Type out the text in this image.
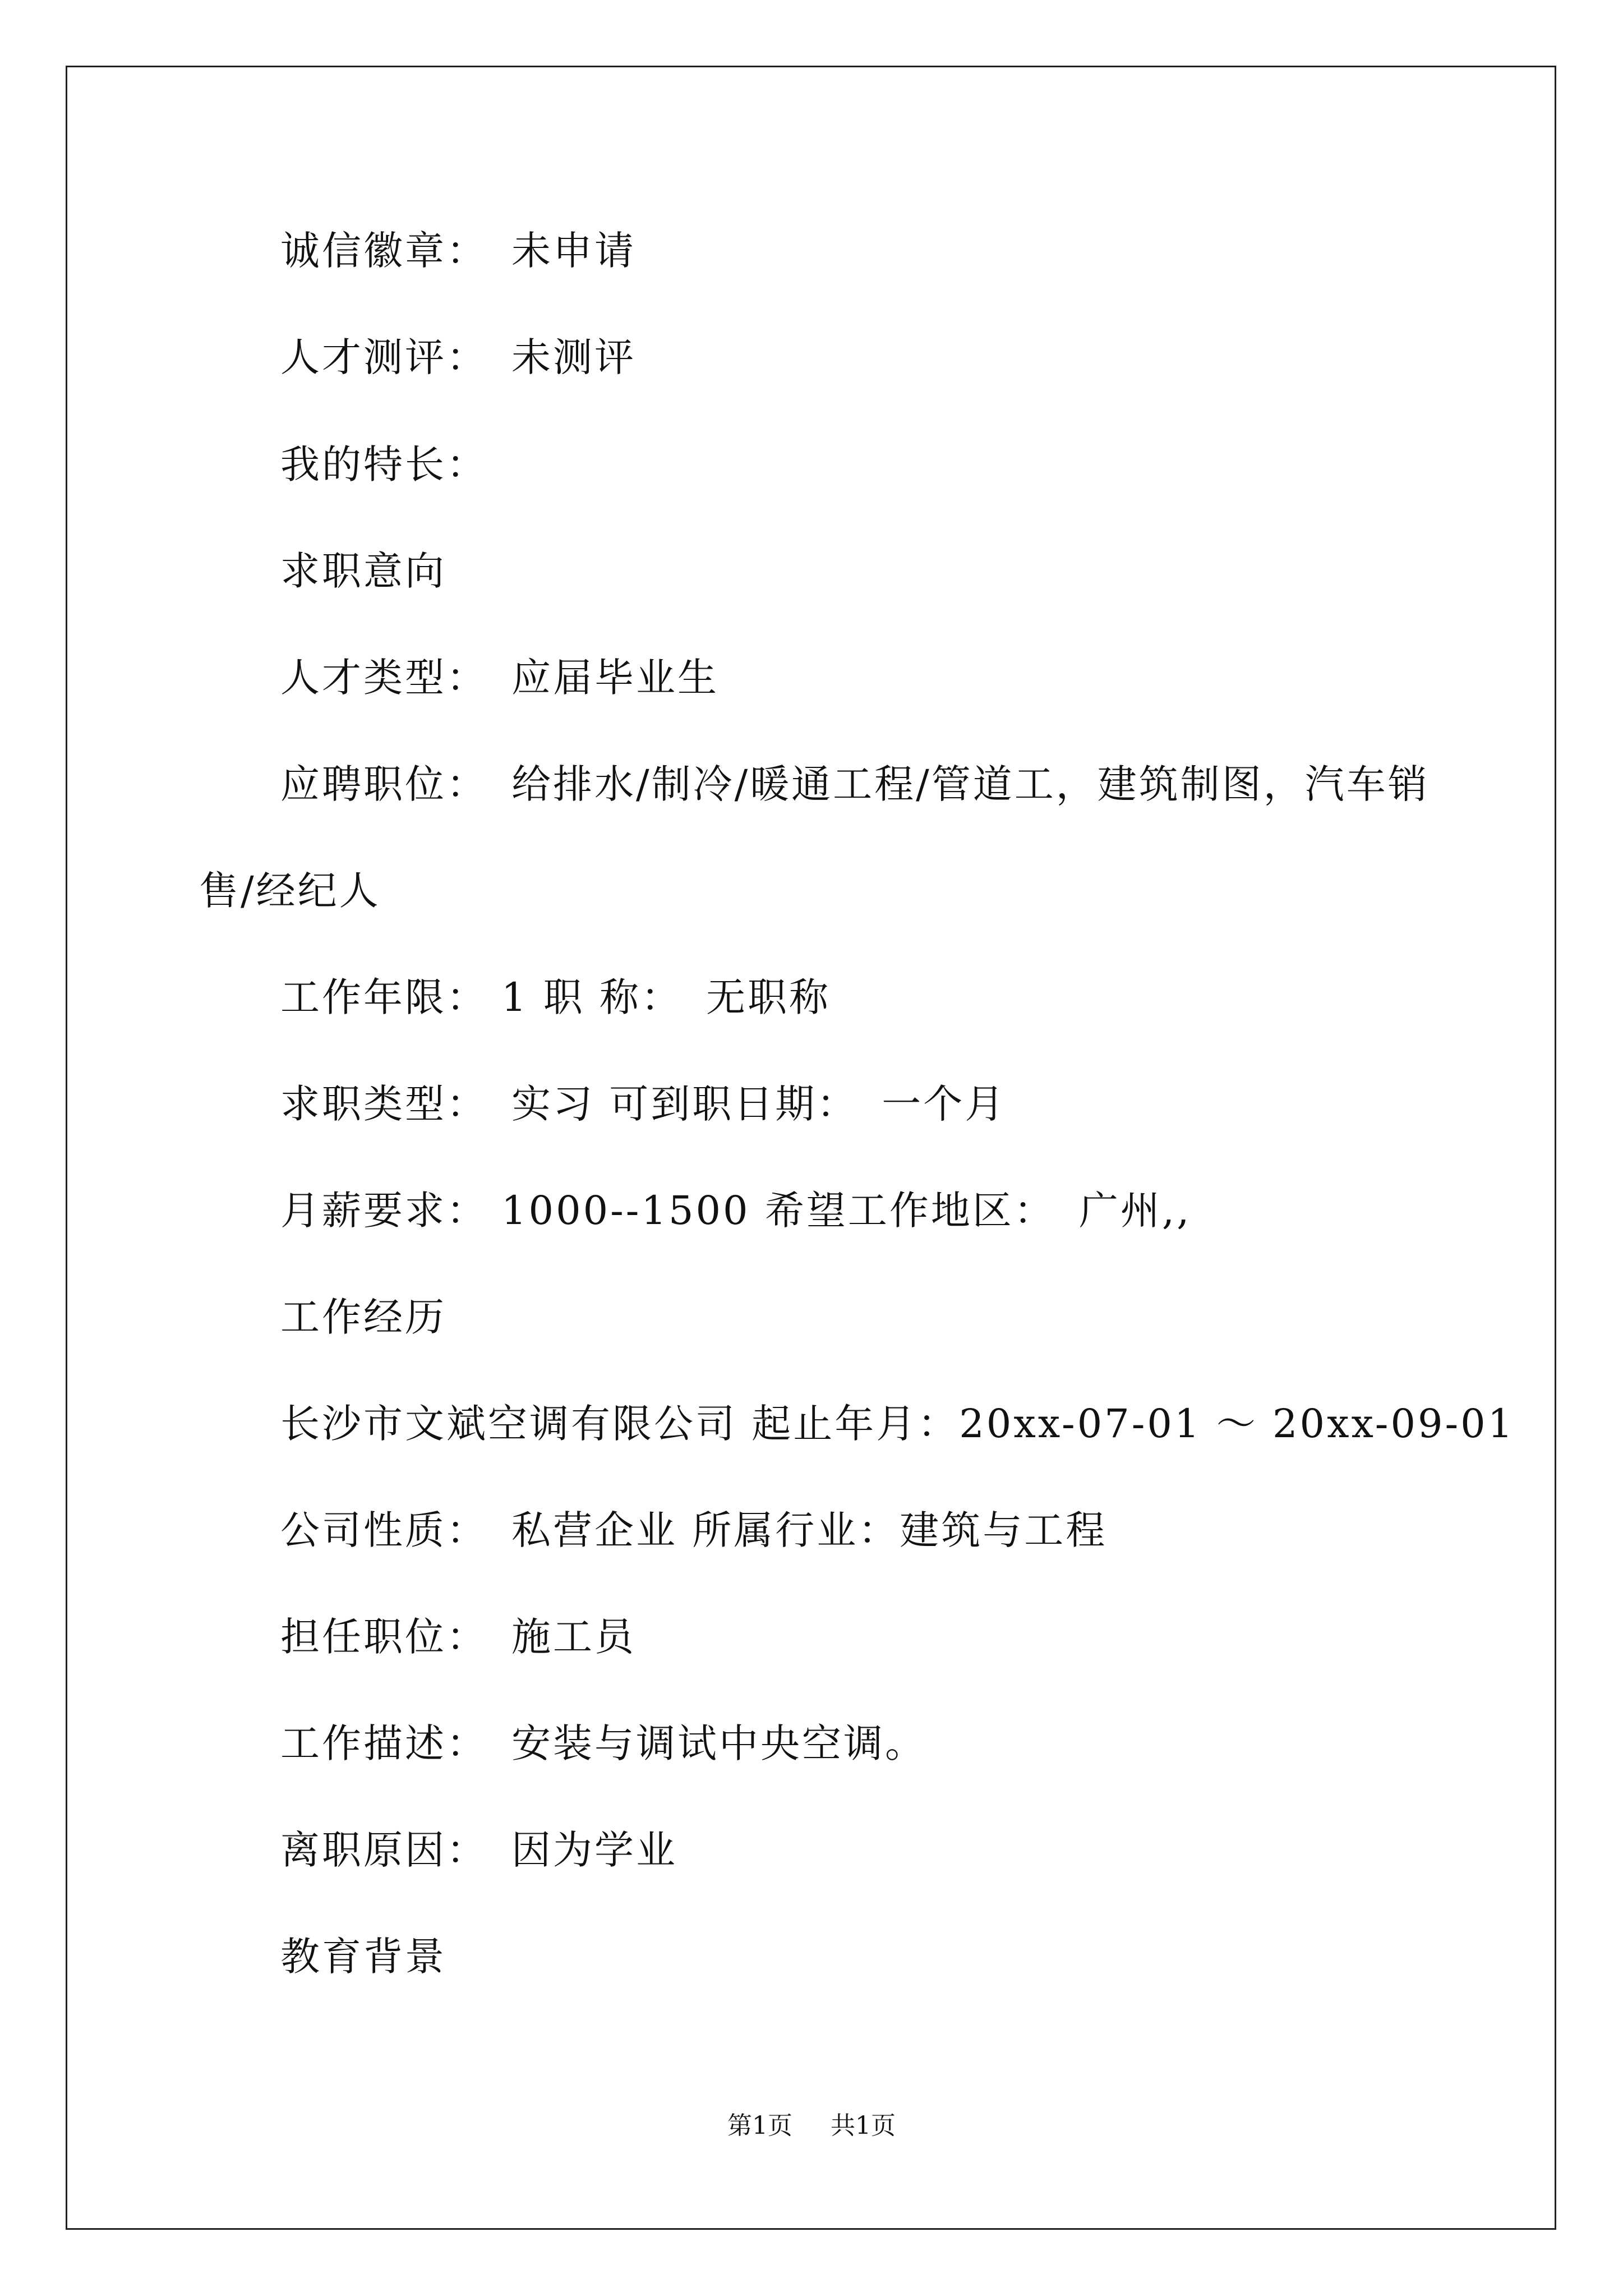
诚信徽章： 未申请
人才测评： 未测评
我的特长：
求职意向
人才类型： 应届毕业生
应聘职位： 给排水/制冷/暖通工程/管道工，建筑制图，汽车销
售/经纪人
工作年限： 1 职 称： 无职称
求职类型： 实习 可到职日期： 一个月
月薪要求： 1000--1500 希望工作地区： 广州,,
工作经历
长沙市文斌空调有限公司 起止年月：20xx-07-01 ～ 20xx-09-01
公司性质： 私营企业 所属行业：建筑与工程
担任职位： 施工员
工作描述： 安装与调试中央空调。
离职原因： 因为学业
教育背景
第1页 共1页
